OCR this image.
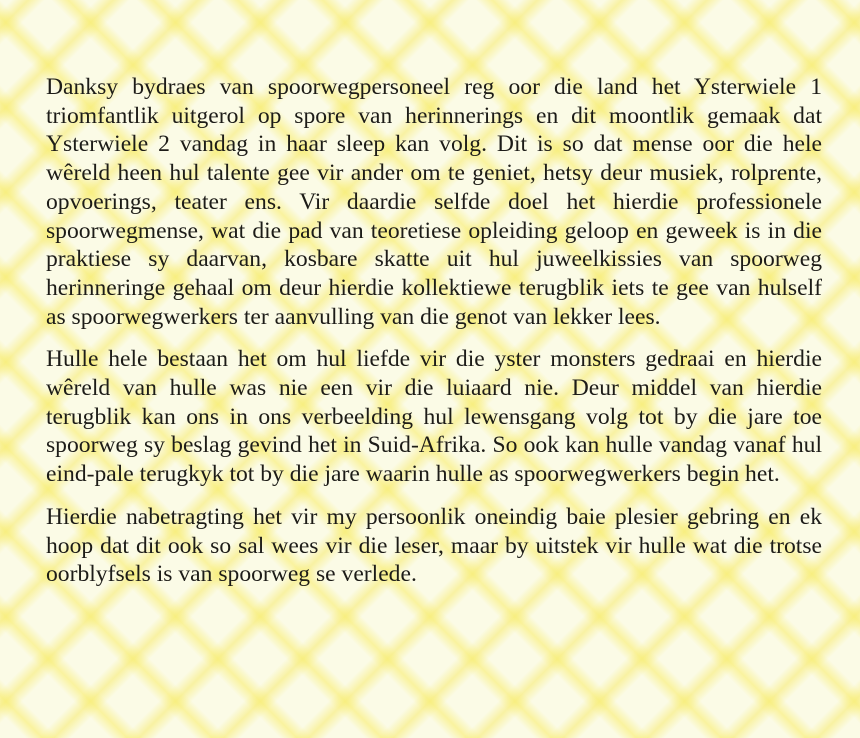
Danksy bydraes van spoorwegpersoneel reg oor die land het Ysterwiele 1 triomfantlik uitgerol op spore van herinnerings en dit moontlik gemaak dat Ysterwiele 2 vandag in haar sleep kan volg. Dit is so dat mense oor die hele wêreld heen hul talente gee vir ander om te geniet, hetsy deur musiek, rolprente, opvoerings, teater ens. Vir daardie selfde doel het hierdie professionele spoorwegmense, wat die pad van teoretiese opleiding geloop en geweek is in die praktiese sy daarvan, kosbare skatte uit hul juweelkissies van spoorweg herinneringe gehaal om deur hierdie kollektiewe terugblik iets te gee van hulself as spoorwegwerkers ter aanvulling van die genot van lekker lees.

Hulle hele bestaan het om hul liefde vir die yster monsters gedraai en hierdie wêreld van hulle was nie een vir die luiaard nie. Deur middel van hierdie terugblik kan ons in ons verbeelding hul lewensgang volg tot by die jare toe spoorweg sy beslag gevind het in Suid-Afrika. So ook kan hulle vandag vanaf hul eind-pale terugkyk tot by die jare waarin hulle as spoorwegwerkers begin het.

Hierdie nabetragting het vir my persoonlik oneindig baie plesier gebring en ek hoop dat dit ook so sal wees vir die leser, maar by uitstek vir hulle wat die trotse oorblyfsels is van spoorweg se verlede.
